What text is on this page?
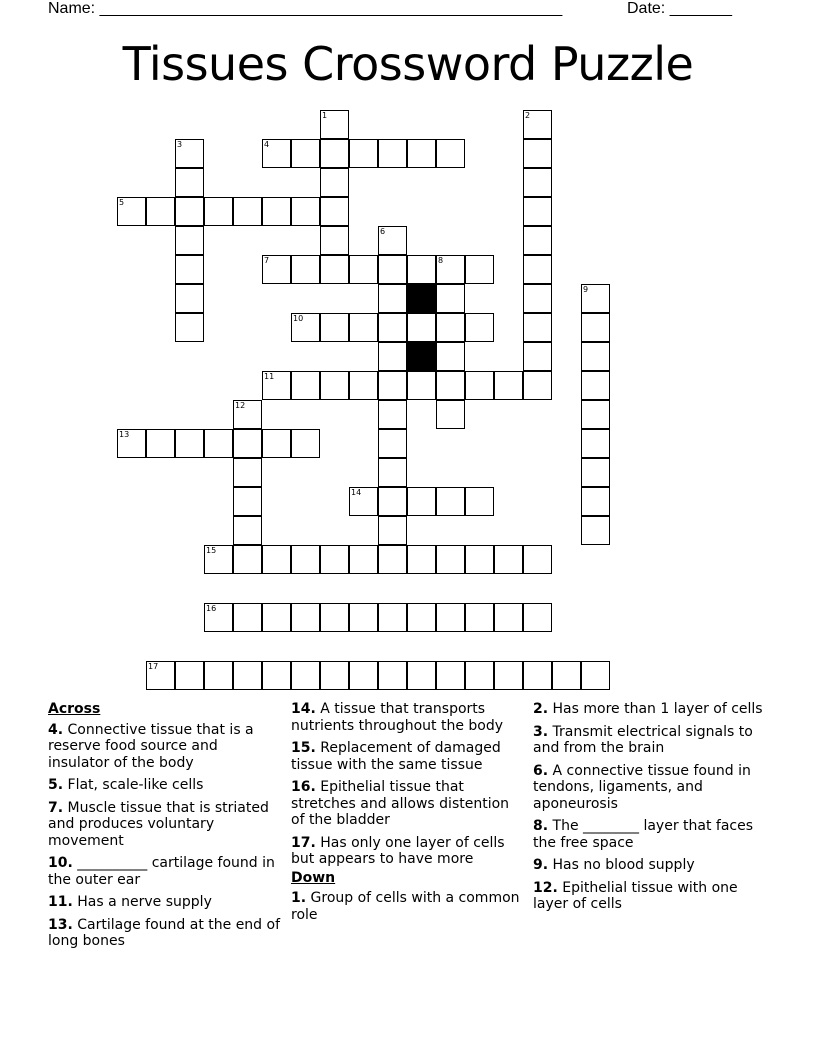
Name: ____________________________________________________	Date: _______
Tissues Crossword Puzzle
1	2
3	4
5
6
7	8
9
10
11
12
13
14
15
16
17
Across
4. Connective tissue that is a reserve food source and insulator of the body
5. Flat, scale-like cells
7. Muscle tissue that is striated and produces voluntary movement
10. __________ cartilage found in the outer ear
11. Has a nerve supply
13. Cartilage found at the end of long bones
14. A tissue that transports nutrients throughout the body
15. Replacement of damaged tissue with the same tissue
16. Epithelial tissue that stretches and allows distention of the bladder
17. Has only one layer of cells but appears to have more
Down
1. Group of cells with a common role
2. Has more than 1 layer of cells
3. Transmit electrical signals to and from the brain
6. A connective tissue found in tendons, ligaments, and aponeurosis
8. The ________ layer that faces the free space
9. Has no blood supply
12. Epithelial tissue with one layer of cells
